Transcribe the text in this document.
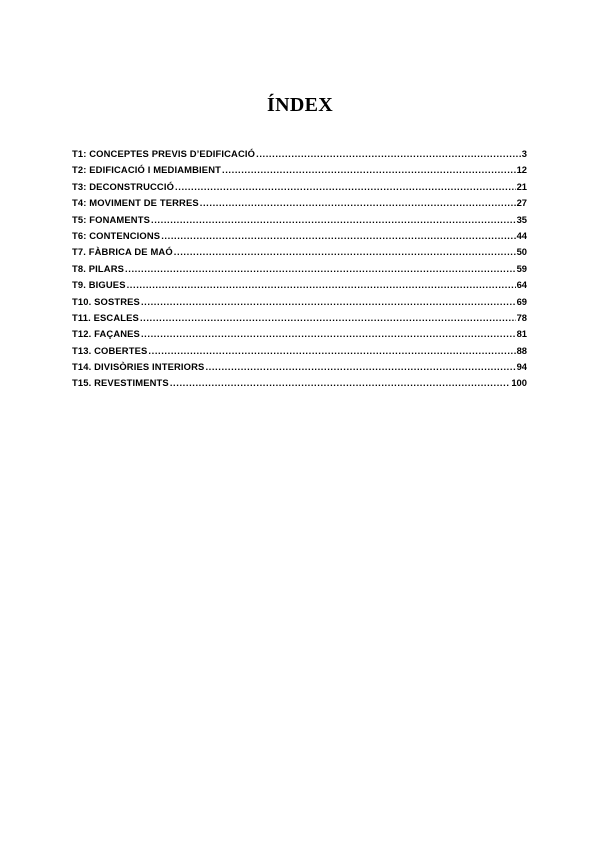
ÍNDEX
T1: CONCEPTES PREVIS D’EDIFICACIÓ .....	3
T2: EDIFICACIÓ I MEDIAMBIENT .....	12
T3: DECONSTRUCCIÓ .....	21
T4: MOVIMENT DE TERRES .....	27
T5: FONAMENTS .....	35
T6: CONTENCIONS .....	44
T7. FÀBRICA DE MAÓ .....	50
T8. PILARS .....	59
T9. BIGUES .....	64
T10. SOSTRES .....	69
T11. ESCALES .....	78
T12. FAÇANES .....	81
T13. COBERTES .....	88
T14. DIVISÒRIES INTERIORS .....	94
T15. REVESTIMENTS .....	100
